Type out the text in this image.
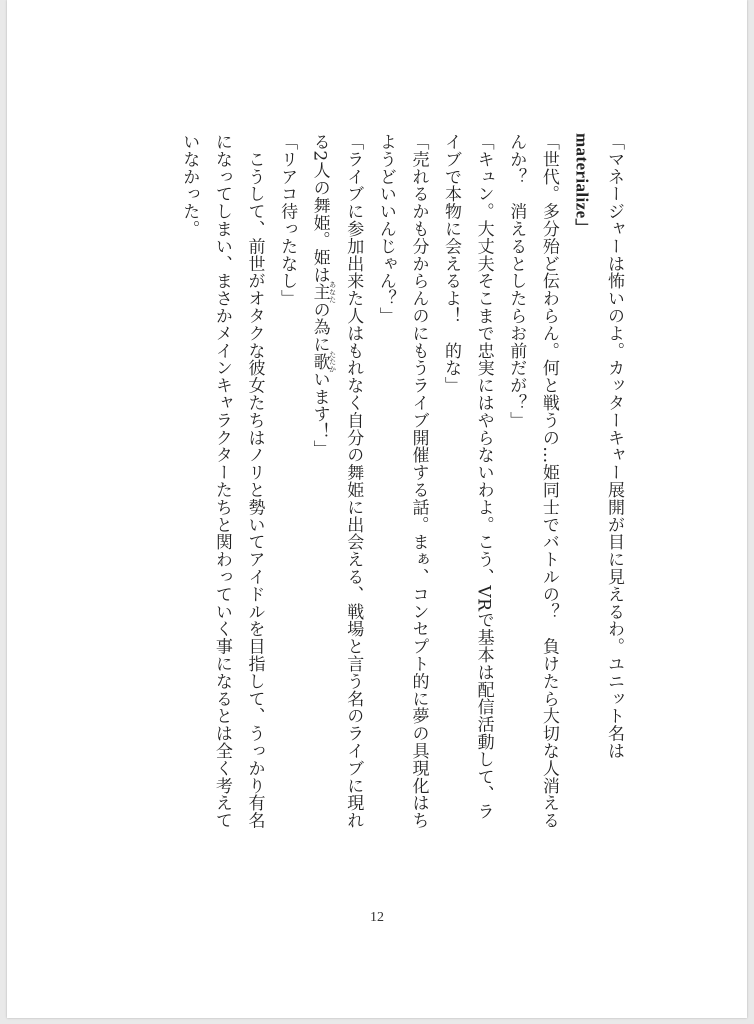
「マネージャーは怖いのよ。カッターキャー展開が目に見えるわ。ユニット名は
materialize」
「世代。多分殆ど伝わらん。何と戦うの…姫同士でバトルの？　負けたら大切な人消える
んか？　消えるとしたらお前だが？」
「キュン。大丈夫そこまで忠実にはやらないわよ。こう、VRで基本は配信活動して、ラ
イブで本物に会えるよ！　的な」
「売れるかも分からんのにもうライブ開催する話。まぁ、コンセプト的に夢の具現化はち
ようどいいんじゃん？」
「ライブに参加出来た人はもれなく自分の舞姫に出会える、戦場と言う名のライブに現れ
る2人の舞姫。姫は主 あなたの為に歌 たたかいます！」
「リアコ待ったなし」
　こうして、前世がオタクな彼女たちはノリと勢いてアイドルを目指して、うっかり有名
になってしまい、まさかメインキャラクターたちと関わっていく事になるとは全く考えて
いなかった。
12
